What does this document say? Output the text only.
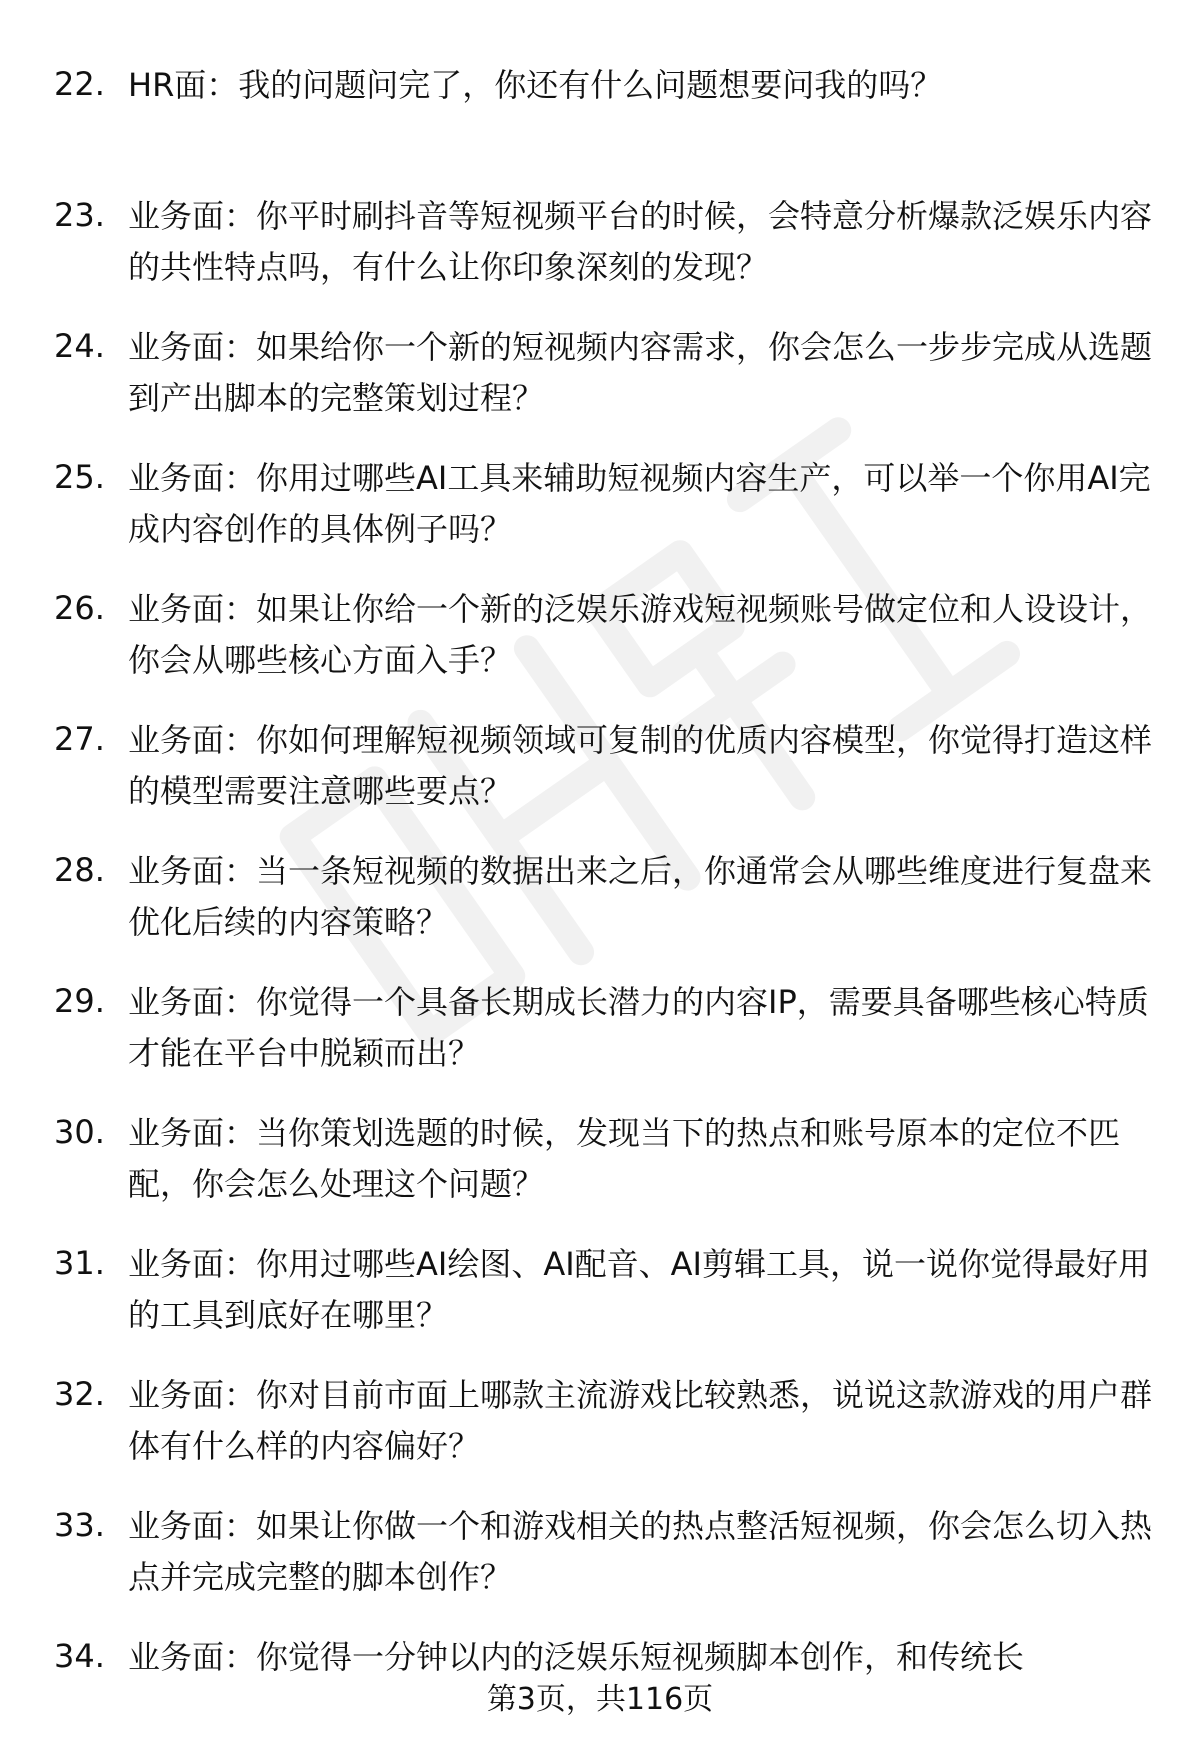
22. HR面：我的问题问完了，你还有什么问题想要问我的吗？
23. 业务面：你平时刷抖音等短视频平台的时候，会特意分析爆款泛娱乐内容的共性特点吗，有什么让你印象深刻的发现？
24. 业务面：如果给你一个新的短视频内容需求，你会怎么一步步完成从选题到产出脚本的完整策划过程？
25. 业务面：你用过哪些AI工具来辅助短视频内容生产，可以举一个你用AI完成内容创作的具体例子吗？
26. 业务面：如果让你给一个新的泛娱乐游戏短视频账号做定位和人设设计，你会从哪些核心方面入手？
27. 业务面：你如何理解短视频领域可复制的优质内容模型，你觉得打造这样的模型需要注意哪些要点？
28. 业务面：当一条短视频的数据出来之后，你通常会从哪些维度进行复盘来优化后续的内容策略？
29. 业务面：你觉得一个具备长期成长潜力的内容IP，需要具备哪些核心特质才能在平台中脱颖而出？
30. 业务面：当你策划选题的时候，发现当下的热点和账号原本的定位不匹配，你会怎么处理这个问题？
31. 业务面：你用过哪些AI绘图、AI配音、AI剪辑工具，说一说你觉得最好用的工具到底好在哪里？
32. 业务面：你对目前市面上哪款主流游戏比较熟悉，说说这款游戏的用户群体有什么样的内容偏好？
33. 业务面：如果让你做一个和游戏相关的热点整活短视频，你会怎么切入热点并完成完整的脚本创作？
34. 业务面：你觉得一分钟以内的泛娱乐短视频脚本创作，和传统长
第3页，共116页
